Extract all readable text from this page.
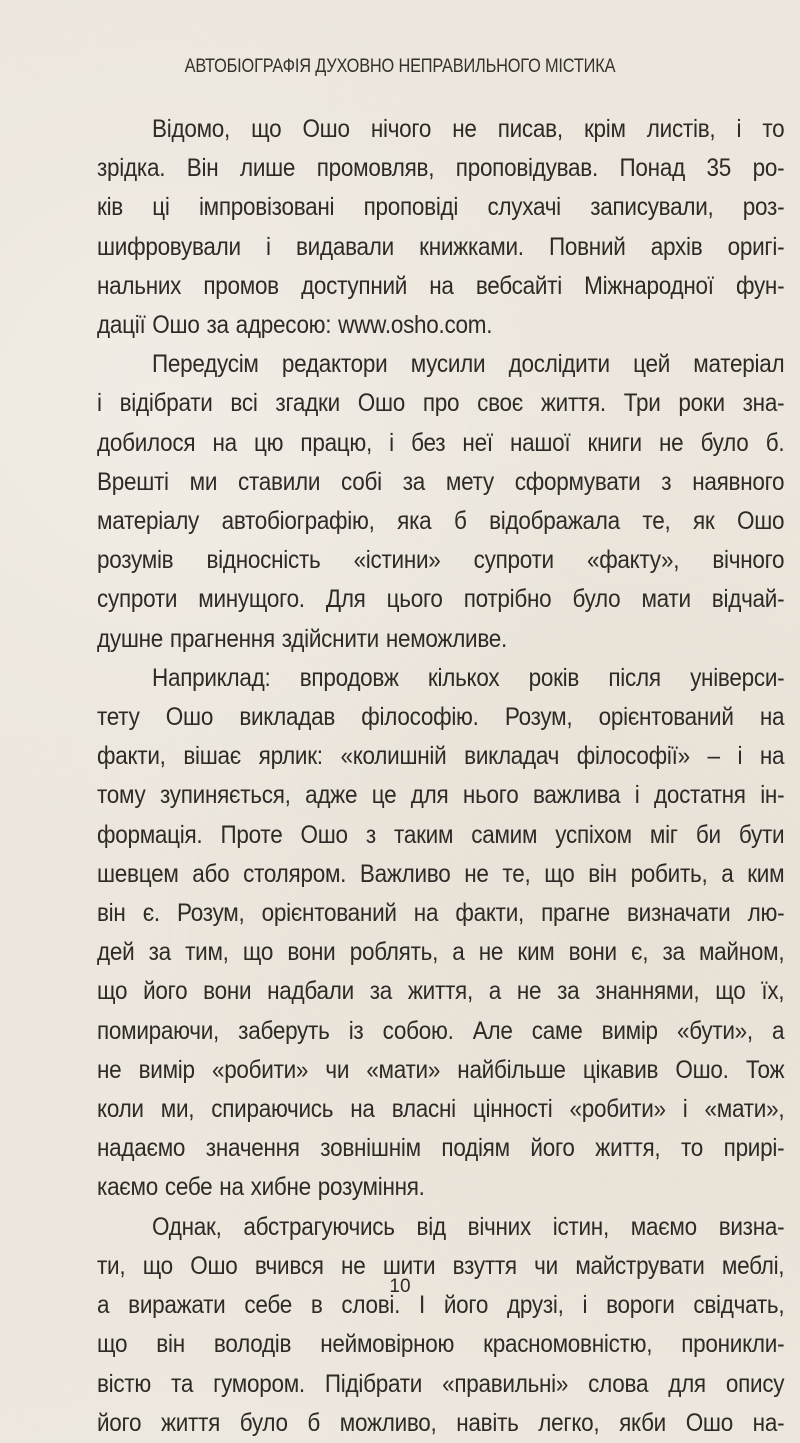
АВТОБІОГРАФІЯ ДУХОВНО НЕПРАВИЛЬНОГО МІСТИКА
Відомо, що Ошо нічого не писав, крім листів, і то
зрідка. Він лише промовляв, проповідував. Понад 35 ро-
ків ці імпровізовані проповіді слухачі записували, роз-
шифровували і видавали книжками. Повний архів оригі-
нальних промов доступний на вебсайті Міжнародної фун-
дації Ошо за адресою: www.osho.com.
Передусім редактори мусили дослідити цей матеріал
і відібрати всі згадки Ошо про своє життя. Три роки зна-
добилося на цю працю, і без неї нашої книги не було б.
Врешті ми ставили собі за мету сформувати з наявного
матеріалу автобіографію, яка б відображала те, як Ошо
розумів відносність «істини» супроти «факту», вічного
супроти минущого. Для цього потрібно було мати відчай-
душне прагнення здійснити неможливе.
Наприклад: впродовж кількох років після універси-
тету Ошо викладав філософію. Розум, орієнтований на
факти, вішає ярлик: «колишній викладач філософії» – і на
тому зупиняється, адже це для нього важлива і достатня ін-
формація. Проте Ошо з таким самим успіхом міг би бути
шевцем або столяром. Важливо не те, що він робить, а ким
він є. Розум, орієнтований на факти, прагне визначати лю-
дей за тим, що вони роблять, а не ким вони є, за майном,
що його вони надбали за життя, а не за знаннями, що їх,
помираючи, заберуть із собою. Але саме вимір «бути», а
не вимір «робити» чи «мати» найбільше цікавив Ошо. Тож
коли ми, спираючись на власні цінності «робити» і «мати»,
надаємо значення зовнішнім подіям його життя, то прирі-
каємо себе на хибне розуміння.
Однак, абстрагуючись від вічних істин, маємо визна-
ти, що Ошо вчився не шити взуття чи майструвати меблі,
а виражати себе в слові. І його друзі, і вороги свідчать,
що він володів неймовірною красномовністю, проникли-
вістю та гумором. Підібрати «правильні» слова для опису
його життя було б можливо, навіть легко, якби Ошо на-
10
